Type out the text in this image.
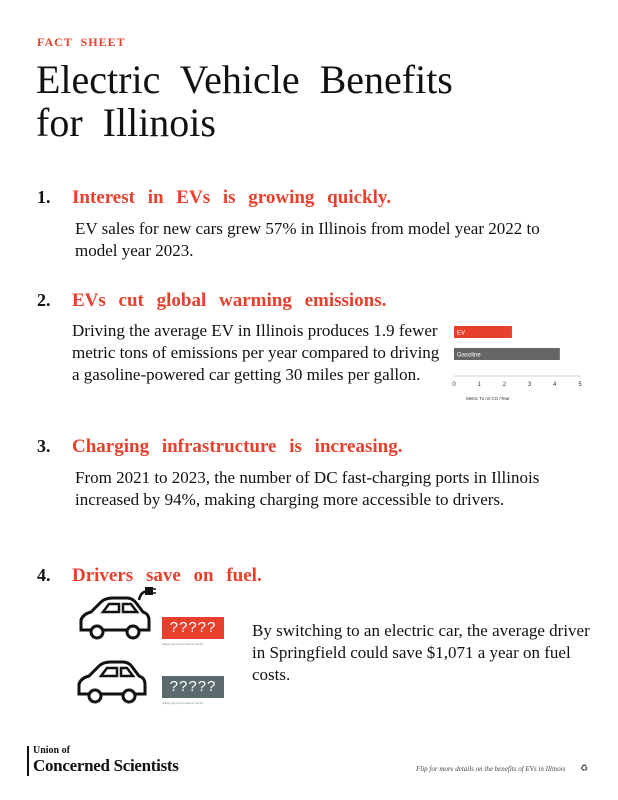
FACT SHEET
Electric Vehicle Benefits for Illinois
1. Interest in EVs is growing quickly.
EV sales for new cars grew 57% in Illinois from model year 2022 to model year 2023.
2. EVs cut global warming emissions.
Driving the average EV in Illinois produces 1.9 fewer metric tons of emissions per year compared to driving a gasoline-powered car getting 30 miles per gallon.
EV
Gasoline
0	1	2	3	4	5
Metric To ns CO /Year
3. Charging infrastructure is increasing.
From 2021 to 2023, the number of DC fast-charging ports in Illinois increased by 94%, making charging more accessible to drivers.
4. Drivers save on fuel.
?????
charge yea pe pi n onnavec lee $ $
?????
charge yea pe pi n onnavec lee $ $
By switching to an electric car, the average driver in Springfield could save $1,071 a year on fuel costs.
Union of
Concerned Scientists	Flip for more details on the benefits of EVs in Illinois ♻
